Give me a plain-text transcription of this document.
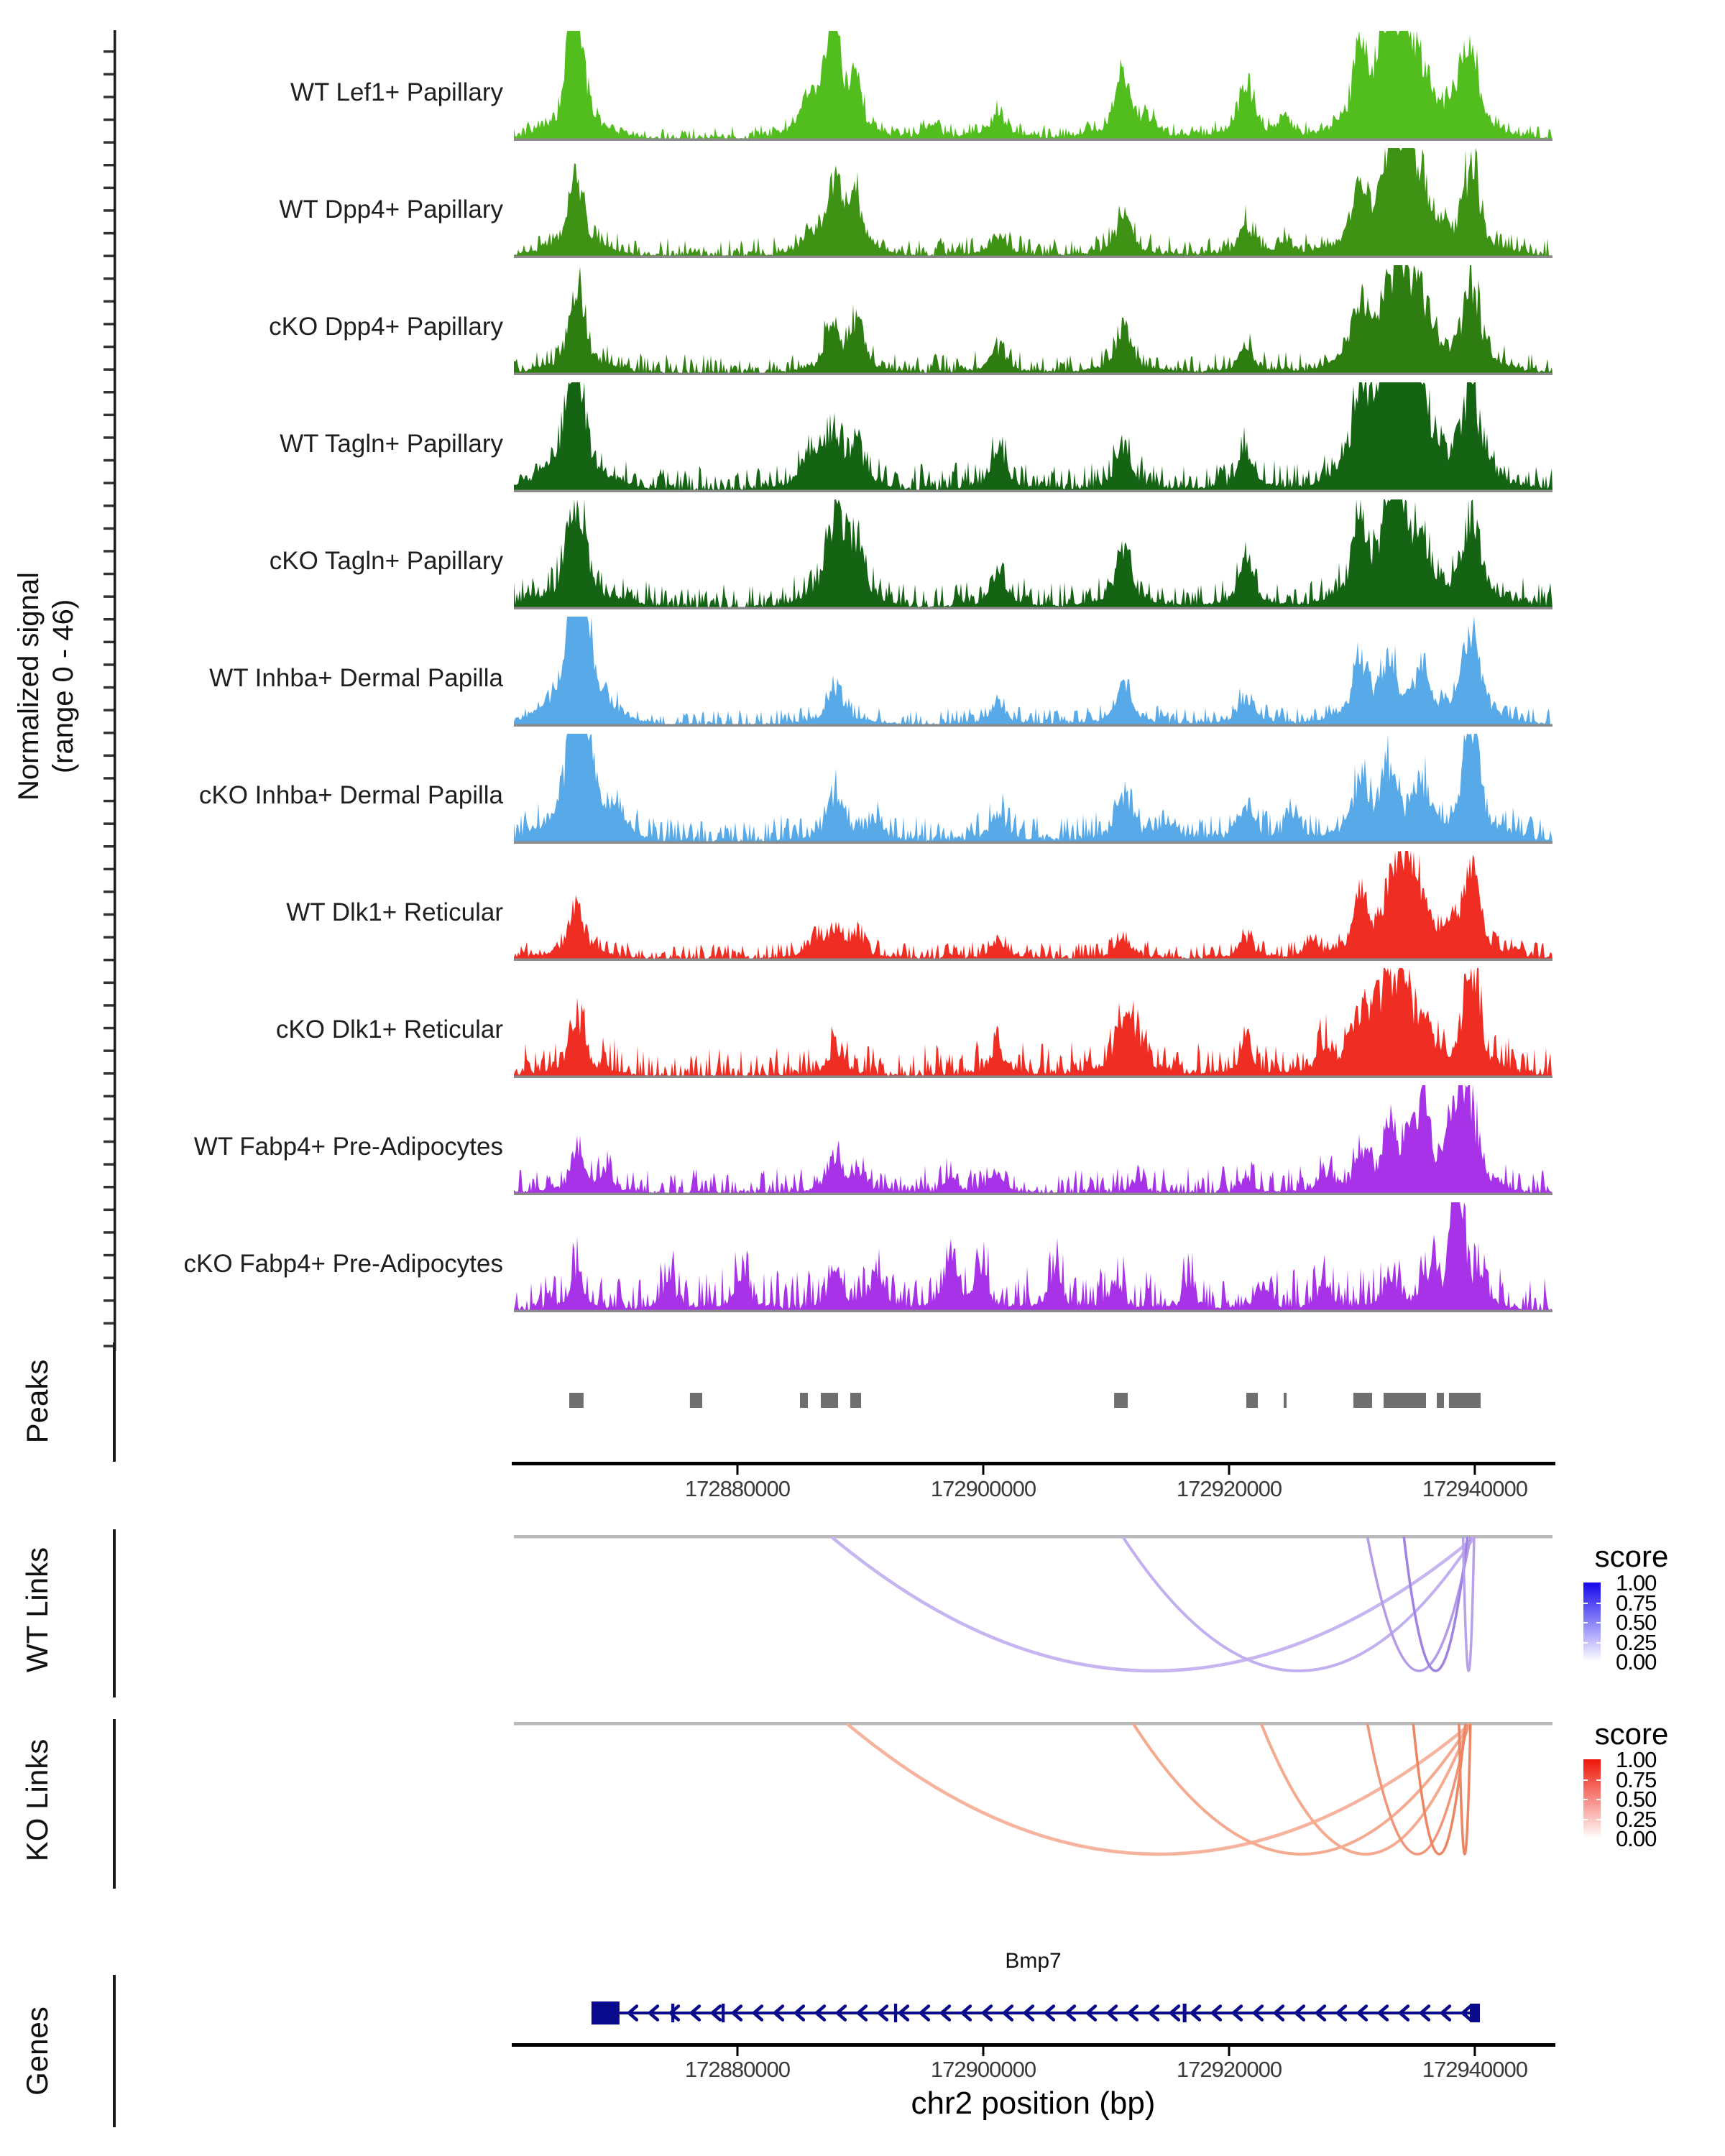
Normalized signal (range 0 - 46)
WT Lef1+ Papillary
WT Dpp4+ Papillary
cKO Dpp4+ Papillary
WT Tagln+ Papillary
cKO Tagln+ Papillary
WT Inhba+ Dermal Papilla
cKO Inhba+ Dermal Papilla
WT Dlk1+ Reticular
cKO Dlk1+ Reticular
WT Fabp4+ Pre-Adipocytes
cKO Fabp4+ Pre-Adipocytes
Peaks
172880000	172900000	172920000	172940000
WT Links	score
1.00
0.75
0.50
0.25
0.00
KO Links
score
1.00
0.75
0.50
0.25
0.00
Genes
Bmp7
172880000	172900000	172920000	172940000
chr2 position (bp)
